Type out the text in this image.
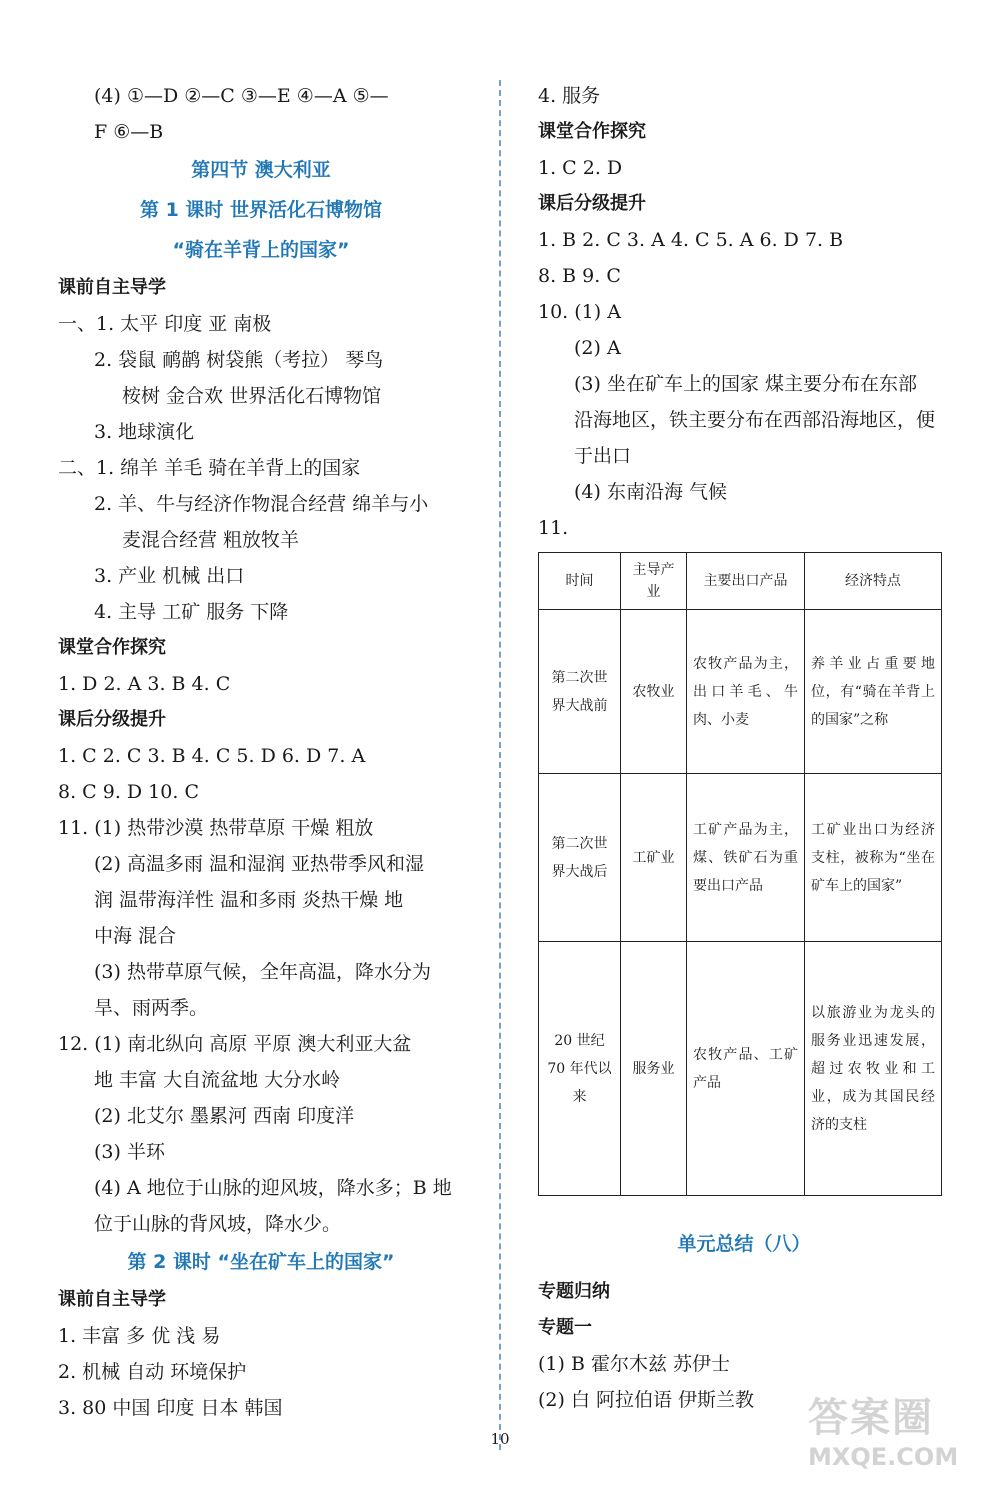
(4) ①—D ②—C ③—E ④—A ⑤—
F ⑥—B
第四节 澳大利亚
第 1 课时 世界活化石博物馆
“骑在羊背上的国家”
课前自主导学
一、1. 太平 印度 亚 南极
2. 袋鼠 鸸鹋 树袋熊（考拉） 琴鸟
桉树 金合欢 世界活化石博物馆
3. 地球演化
二、1. 绵羊 羊毛 骑在羊背上的国家
2. 羊、牛与经济作物混合经营 绵羊与小
麦混合经营 粗放牧羊
3. 产业 机械 出口
4. 主导 工矿 服务 下降
课堂合作探究
1. D 2. A 3. B 4. C
课后分级提升
1. C 2. C 3. B 4. C 5. D 6. D 7. A
8. C 9. D 10. C
11. (1) 热带沙漠 热带草原 干燥 粗放
(2) 高温多雨 温和湿润 亚热带季风和湿
润 温带海洋性 温和多雨 炎热干燥 地
中海 混合
(3) 热带草原气候，全年高温，降水分为
旱、雨两季。
12. (1) 南北纵向 高原 平原 澳大利亚大盆
地 丰富 大自流盆地 大分水岭
(2) 北艾尔 墨累河 西南 印度洋
(3) 半环
(4) A 地位于山脉的迎风坡，降水多；B 地
位于山脉的背风坡，降水少。
第 2 课时 “坐在矿车上的国家”
课前自主导学
1. 丰富 多 优 浅 易
2. 机械 自动 环境保护
3. 80 中国 印度 日本 韩国
4. 服务
课堂合作探究
1. C 2. D
课后分级提升
1. B 2. C 3. A 4. C 5. A 6. D 7. B
8. B 9. C
10. (1) A
(2) A
(3) 坐在矿车上的国家 煤主要分布在东部
沿海地区，铁主要分布在西部沿海地区，便
于出口
(4) 东南沿海 气候
11.
时间	主导产业	主要出口产品	经济特点
第二次世界大战前	农牧业	农牧产品为主，出口羊毛、牛肉、小麦	养羊业占重要地位，有“骑在羊背上的国家”之称
第二次世界大战后	工矿业	工矿产品为主，煤、铁矿石为重要出口产品	工矿业出口为经济支柱，被称为“坐在矿车上的国家”
20 世纪 70 年代以来	服务业	农牧产品、工矿产品	以旅游业为龙头的服务业迅速发展，超过农牧业和工业，成为其国民经济的支柱
单元总结（八）
专题归纳
专题一
(1) B 霍尔木兹 苏伊士
(2) 白 阿拉伯语 伊斯兰教
10	答案圈
MXQE.COM
